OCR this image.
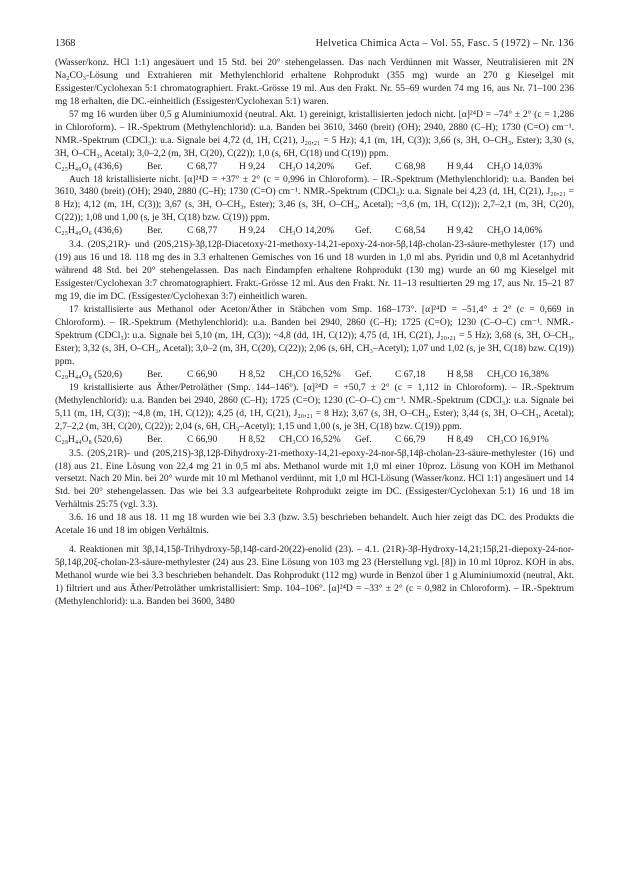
1368	Helvetica Chimica Acta – Vol. 55, Fasc. 5 (1972) – Nr. 136

(Wasser/konz. HCl 1:1) angesäuert und 15 Std. bei 20° stehengelassen. Das nach Verdünnen mit Wasser, Neutralisieren mit 2N Na₂CO₃-Lösung und Extrahieren mit Methylenchlorid erhaltene Rohprodukt (355 mg) wurde an 270 g Kieselgel mit Essigester/Cyclohexan 5:1 chromatographiert. Frakt.-Grösse 19 ml. Aus den Frakt. Nr. 55–69 wurden 74 mg 16, aus Nr. 71–100 236 mg 18 erhalten, die DC.-einheitlich (Essigester/Cyclohexan 5:1) waren.

57 mg 16 wurden über 0,5 g Aluminiumoxid (neutral. Akt. 1) gereinigt, kristallisierten jedoch nicht. [α]²⁴D = –74° ± 2° (c = 1,286 in Chloroform). – IR.-Spektrum (Methylenchlorid): u.a. Banden bei 3610, 3460 (breit) (OH); 2940, 2880 (C–H); 1730 (C=O) cm⁻¹. NMR.-Spektrum (CDCl₃): u.a. Signale bei 4,72 (d, 1H, C(21), J₂₀,₂₁ = 5 Hz); 4,1 (m, 1H, C(3)); 3,66 (s, 3H, O–CH₃, Ester); 3,30 (s, 3H, O–CH₃, Acetal); 3,0–2,2 (m, 3H, C(20), C(22)); 1,0 (s, 6H, C(18) und C(19)) ppm.

C₂₅H₄₀O₆ (436,6)	Ber.	C 68,77	H 9,24	CH₃O 14,20%	Gef.	C 68,98	H 9,44	CH₃O 14,03%

Auch 18 kristallisierte nicht. [α]²⁴D = +37° ± 2° (c = 0,996 in Chloroform). – IR.-Spektrum (Methylenchlorid): u.a. Banden bei 3610, 3480 (breit) (OH); 2940, 2880 (C–H); 1730 (C=O) cm⁻¹. NMR.-Spektrum (CDCl₃): u.a. Signale bei 4,23 (d, 1H, C(21), J₂₀,₂₁ = 8 Hz); 4,12 (m, 1H, C(3)); 3,67 (s, 3H, O–CH₃, Ester); 3,46 (s, 3H, O–CH₃, Acetal); ~3,6 (m, 1H, C(12)); 2,7–2,1 (m, 3H, C(20), C(22)); 1,08 und 1,00 (s, je 3H, C(18) bzw. C(19)) ppm.

C₂₅H₄₀O₆ (436,6)	Ber.	C 68,77	H 9,24	CH₃O 14,20%	Gef.	C 68,54	H 9,42	CH₃O 14,06%

3.4. (20S,21R)- und (20S,21S)-3β,12β-Diacetoxy-21-methoxy-14,21-epoxy-24-nor-5β,14β-cholan-23-säure-methylester (17) und (19) aus 16 und 18. 118 mg des in 3.3 erhaltenen Gemisches von 16 und 18 wurden in 1,0 ml abs. Pyridin und 0,8 ml Acetanhydrid während 48 Std. bei 20° stehengelassen. Das nach Eindampfen erhaltene Rohprodukt (130 mg) wurde an 60 mg Kieselgel mit Essigester/Cyclohexan 3:7 chromatographiert. Frakt.-Grösse 12 ml. Aus den Frakt. Nr. 11–13 resultierten 29 mg 17, aus Nr. 15–21 87 mg 19, die im DC. (Essigester/Cyclohexan 3:7) einheitlich waren.

17 kristallisierte aus Methanol oder Aceton/Äther in Stäbchen vom Smp. 168–173°. [α]²⁴D = –51,4° ± 2° (c = 0,669 in Chloroform). – IR.-Spektrum (Methylenchlorid): u.a. Banden bei 2940, 2860 (C–H); 1725 (C=O); 1230 (C–O–C) cm⁻¹. NMR.-Spektrum (CDCl₃): u.a. Signale bei 5,10 (m, 1H, C(3)); ~4,8 (dd, 1H, C(12)); 4,75 (d, 1H, C(21), J₂₀,₂₁ = 5 Hz); 3,68 (s, 3H, O–CH₃, Ester); 3,32 (s, 3H, O–CH₃, Acetal); 3,0–2 (m, 3H, C(20), C(22)); 2,06 (s, 6H, CH₃–Acetyl); 1,07 und 1,02 (s, je 3H, C(18) bzw. C(19)) ppm.

C₂₉H₄₄O₈ (520,6)	Ber.	C 66,90	H 8,52	CH₃CO 16,52%	Gef.	C 67,18	H 8,58	CH₃CO 16,38%

19 kristallisierte aus Äther/Petroläther (Smp. 144–146°). [α]²⁴D = +50,7 ± 2° (c = 1,112 in Chloroform). – IR.-Spektrum (Methylenchlorid): u.a. Banden bei 2940, 2860 (C–H); 1725 (C=O); 1230 (C–O–C) cm⁻¹. NMR.-Spektrum (CDCl₃): u.a. Signale bei 5,11 (m, 1H, C(3)); ~4,8 (m, 1H, C(12)); 4,25 (d, 1H, C(21), J₂₀,₂₁ = 8 Hz); 3,67 (s, 3H, O–CH₃, Ester); 3,44 (s, 3H, O–CH₃, Acetal); 2,7–2,2 (m, 3H, C(20), C(22)); 2,04 (s, 6H, CH₃–Acetyl); 1,15 und 1,00 (s, je 3H, C(18) bzw. C(19)) ppm.

C₂₉H₄₄O₈ (520,6)	Ber.	C 66,90	H 8,52	CH₃CO 16,52%	Gef.	C 66,79	H 8,49	CH₃CO 16,91%

3.5. (20S,21R)- und (20S,21S)-3β,12β-Dihydroxy-21-methoxy-14,21-epoxy-24-nor-5β,14β-cholan-23-säure-methylester (16) und (18) aus 21. Eine Lösung von 22,4 mg 21 in 0,5 ml abs. Methanol wurde mit 1,0 ml einer 10proz. Lösung von KOH im Methanol versetzt. Nach 20 Min. bei 20° wurde mit 10 ml Methanol verdünnt, mit 1,0 ml HCl-Lösung (Wasser/konz. HCl 1:1) angesäuert und 14 Std. bei 20° stehengelassen. Das wie bei 3.3 aufgearbeitete Rohprodukt zeigte im DC. (Essigester/Cyclohexan 5:1) 16 und 18 im Verhältnis 25:75 (vgl. 3.3).

3.6. 16 und 18 aus 18. 11 mg 18 wurden wie bei 3.3 (bzw. 3.5) beschrieben behandelt. Auch hier zeigt das DC. des Produkts die Acetale 16 und 18 im obigen Verhältnis.

4. Reaktionen mit 3β,14,15β-Trihydroxy-5β,14β-card-20(22)-enolid (23). – 4.1. (21R)-3β-Hydroxy-14,21;15β,21-diepoxy-24-nor-5β,14β,20ξ-cholan-23-säure-methylester (24) aus 23. Eine Lösung von 103 mg 23 (Herstellung vgl. [8]) in 10 ml 10proz. KOH in abs. Methanol wurde wie bei 3.3 beschrieben behandelt. Das Rohprodukt (112 mg) wurde in Benzol über 1 g Aluminiumoxid (neutral, Akt. 1) filtriert und aus Äther/Petroläther umkristallisiert: Smp. 104–106°. [α]²⁴D = –33° ± 2° (c = 0,982 in Chloroform). – IR.-Spektrum (Methylenchlorid): u.a. Banden bei 3600, 3480
